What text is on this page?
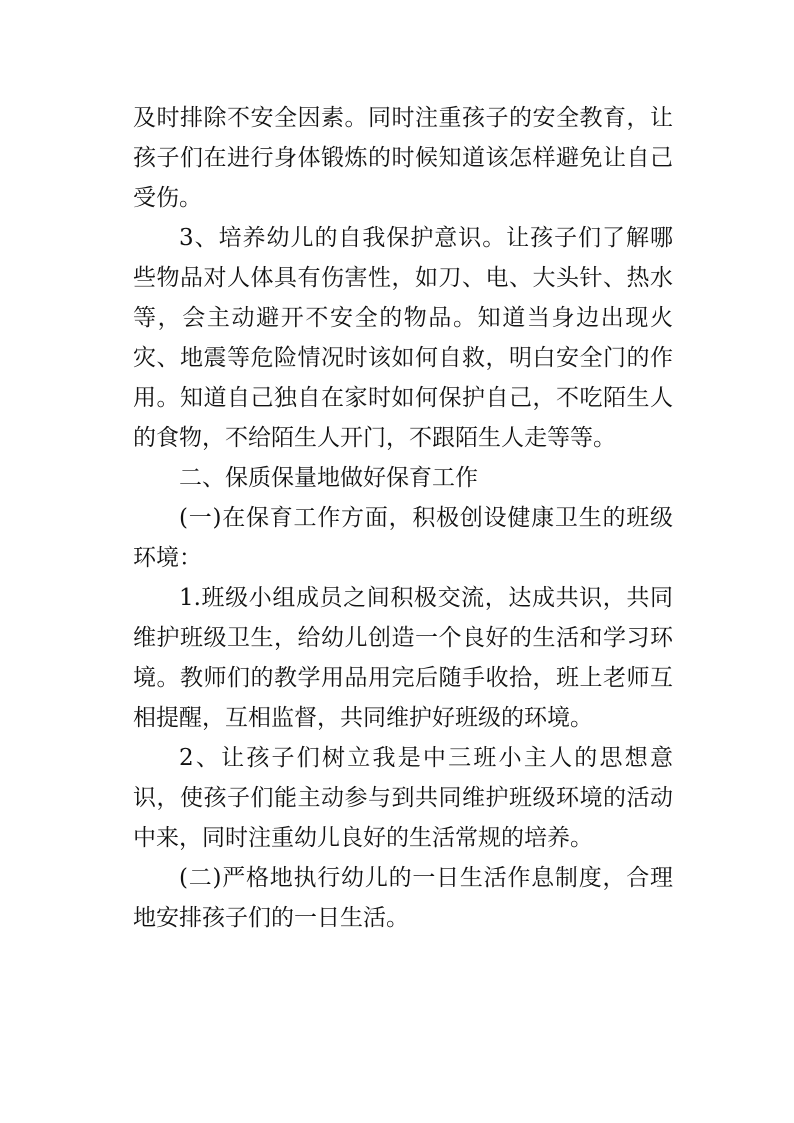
及时排除不安全因素。同时注重孩子的安全教育，让孩子们在进行身体锻炼的时候知道该怎样避免让自己受伤。

3、培养幼儿的自我保护意识。让孩子们了解哪些物品对人体具有伤害性，如刀、电、大头针、热水等，会主动避开不安全的物品。知道当身边出现火灾、地震等危险情况时该如何自救，明白安全门的作用。知道自己独自在家时如何保护自己，不吃陌生人的食物，不给陌生人开门，不跟陌生人走等等。

二、保质保量地做好保育工作

(一)在保育工作方面，积极创设健康卫生的班级环境：

1.班级小组成员之间积极交流，达成共识，共同维护班级卫生，给幼儿创造一个良好的生活和学习环境。教师们的教学用品用完后随手收拾，班上老师互相提醒，互相监督，共同维护好班级的环境。

2、让孩子们树立我是中三班小主人的思想意识，使孩子们能主动参与到共同维护班级环境的活动中来，同时注重幼儿良好的生活常规的培养。

(二)严格地执行幼儿的一日生活作息制度，合理地安排孩子们的一日生活。
